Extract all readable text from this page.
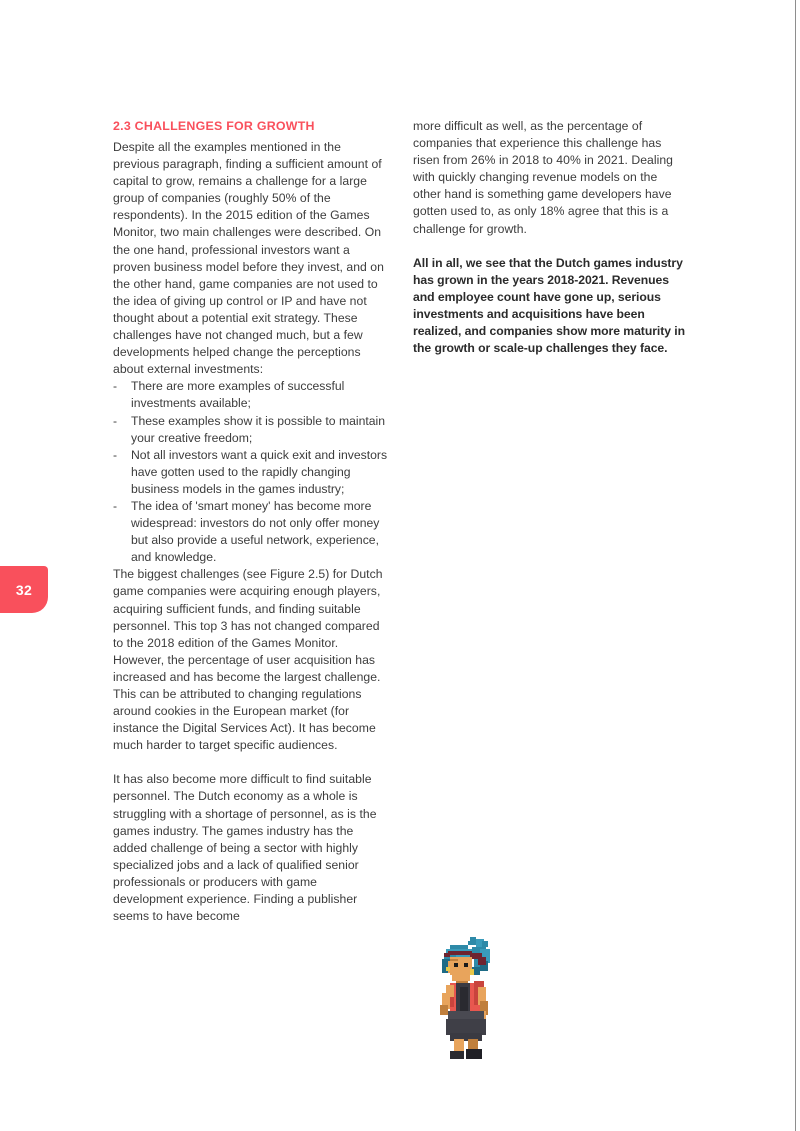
32
2.3 CHALLENGES FOR GROWTH

Despite all the examples mentioned in the previous paragraph, finding a sufficient amount of capital to grow, remains a challenge for a large group of companies (roughly 50% of the respondents). In the 2015 edition of the Games Monitor, two main challenges were described. On the one hand, professional investors want a proven business model before they invest, and on the other hand, game companies are not used to the idea of giving up control or IP and have not thought about a potential exit strategy. These challenges have not changed much, but a few developments helped change the perceptions about external investments:

- There are more examples of successful investments available;
- These examples show it is possible to maintain your creative freedom;
- Not all investors want a quick exit and investors have gotten used to the rapidly changing business models in the games industry;
- The idea of 'smart money' has become more widespread: investors do not only offer money but also provide a useful network, experience, and knowledge.

The biggest challenges (see Figure 2.5) for Dutch game companies were acquiring enough players, acquiring sufficient funds, and finding suitable personnel. This top 3 has not changed compared to the 2018 edition of the Games Monitor. However, the percentage of user acquisition has increased and has become the largest challenge. This can be attributed to changing regulations around cookies in the European market (for instance the Digital Services Act). It has become much harder to target specific audiences.

It has also become more difficult to find suitable personnel. The Dutch economy as a whole is struggling with a shortage of personnel, as is the games industry. The games industry has the added challenge of being a sector with highly specialized jobs and a lack of qualified senior professionals or producers with game development experience. Finding a publisher seems to have become

more difficult as well, as the percentage of companies that experience this challenge has risen from 26% in 2018 to 40% in 2021. Dealing with quickly changing revenue models on the other hand is something game developers have gotten used to, as only 18% agree that this is a challenge for growth.

All in all, we see that the Dutch games industry has grown in the years 2018-2021. Revenues and employee count have gone up, serious investments and acquisitions have been realized, and companies show more maturity in the growth or scale-up challenges they face.
